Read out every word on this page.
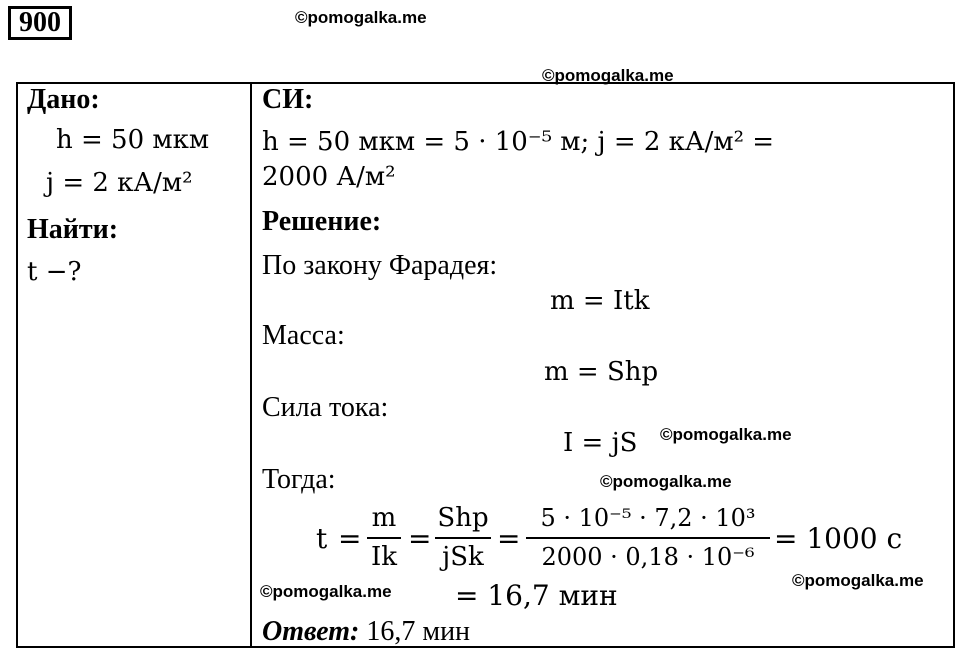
900	©pomogalka.me
©pomogalka.me
Дано:
h = 50 мкм
j = 2 кА/м²
Найти:
t −?
СИ:
h = 50 мкм = 5 · 10⁻⁵ м; j = 2 кА/м² =
2000 А/м²
Решение:
По закону Фарадея:
m = Itk
Масса:
m = Shp
Сила тока:
I = jS
Тогда:
©pomogalka.me
©pomogalka.me
t =
m
Ik
=
Shp
jSk
=
5 · 10⁻⁵ · 7,2 · 10³
2000 · 0,18 · 10⁻⁶
= 1000 с
= 16,7 мин
©pomogalka.me
©pomogalka.me
Ответ: 16,7 мин
